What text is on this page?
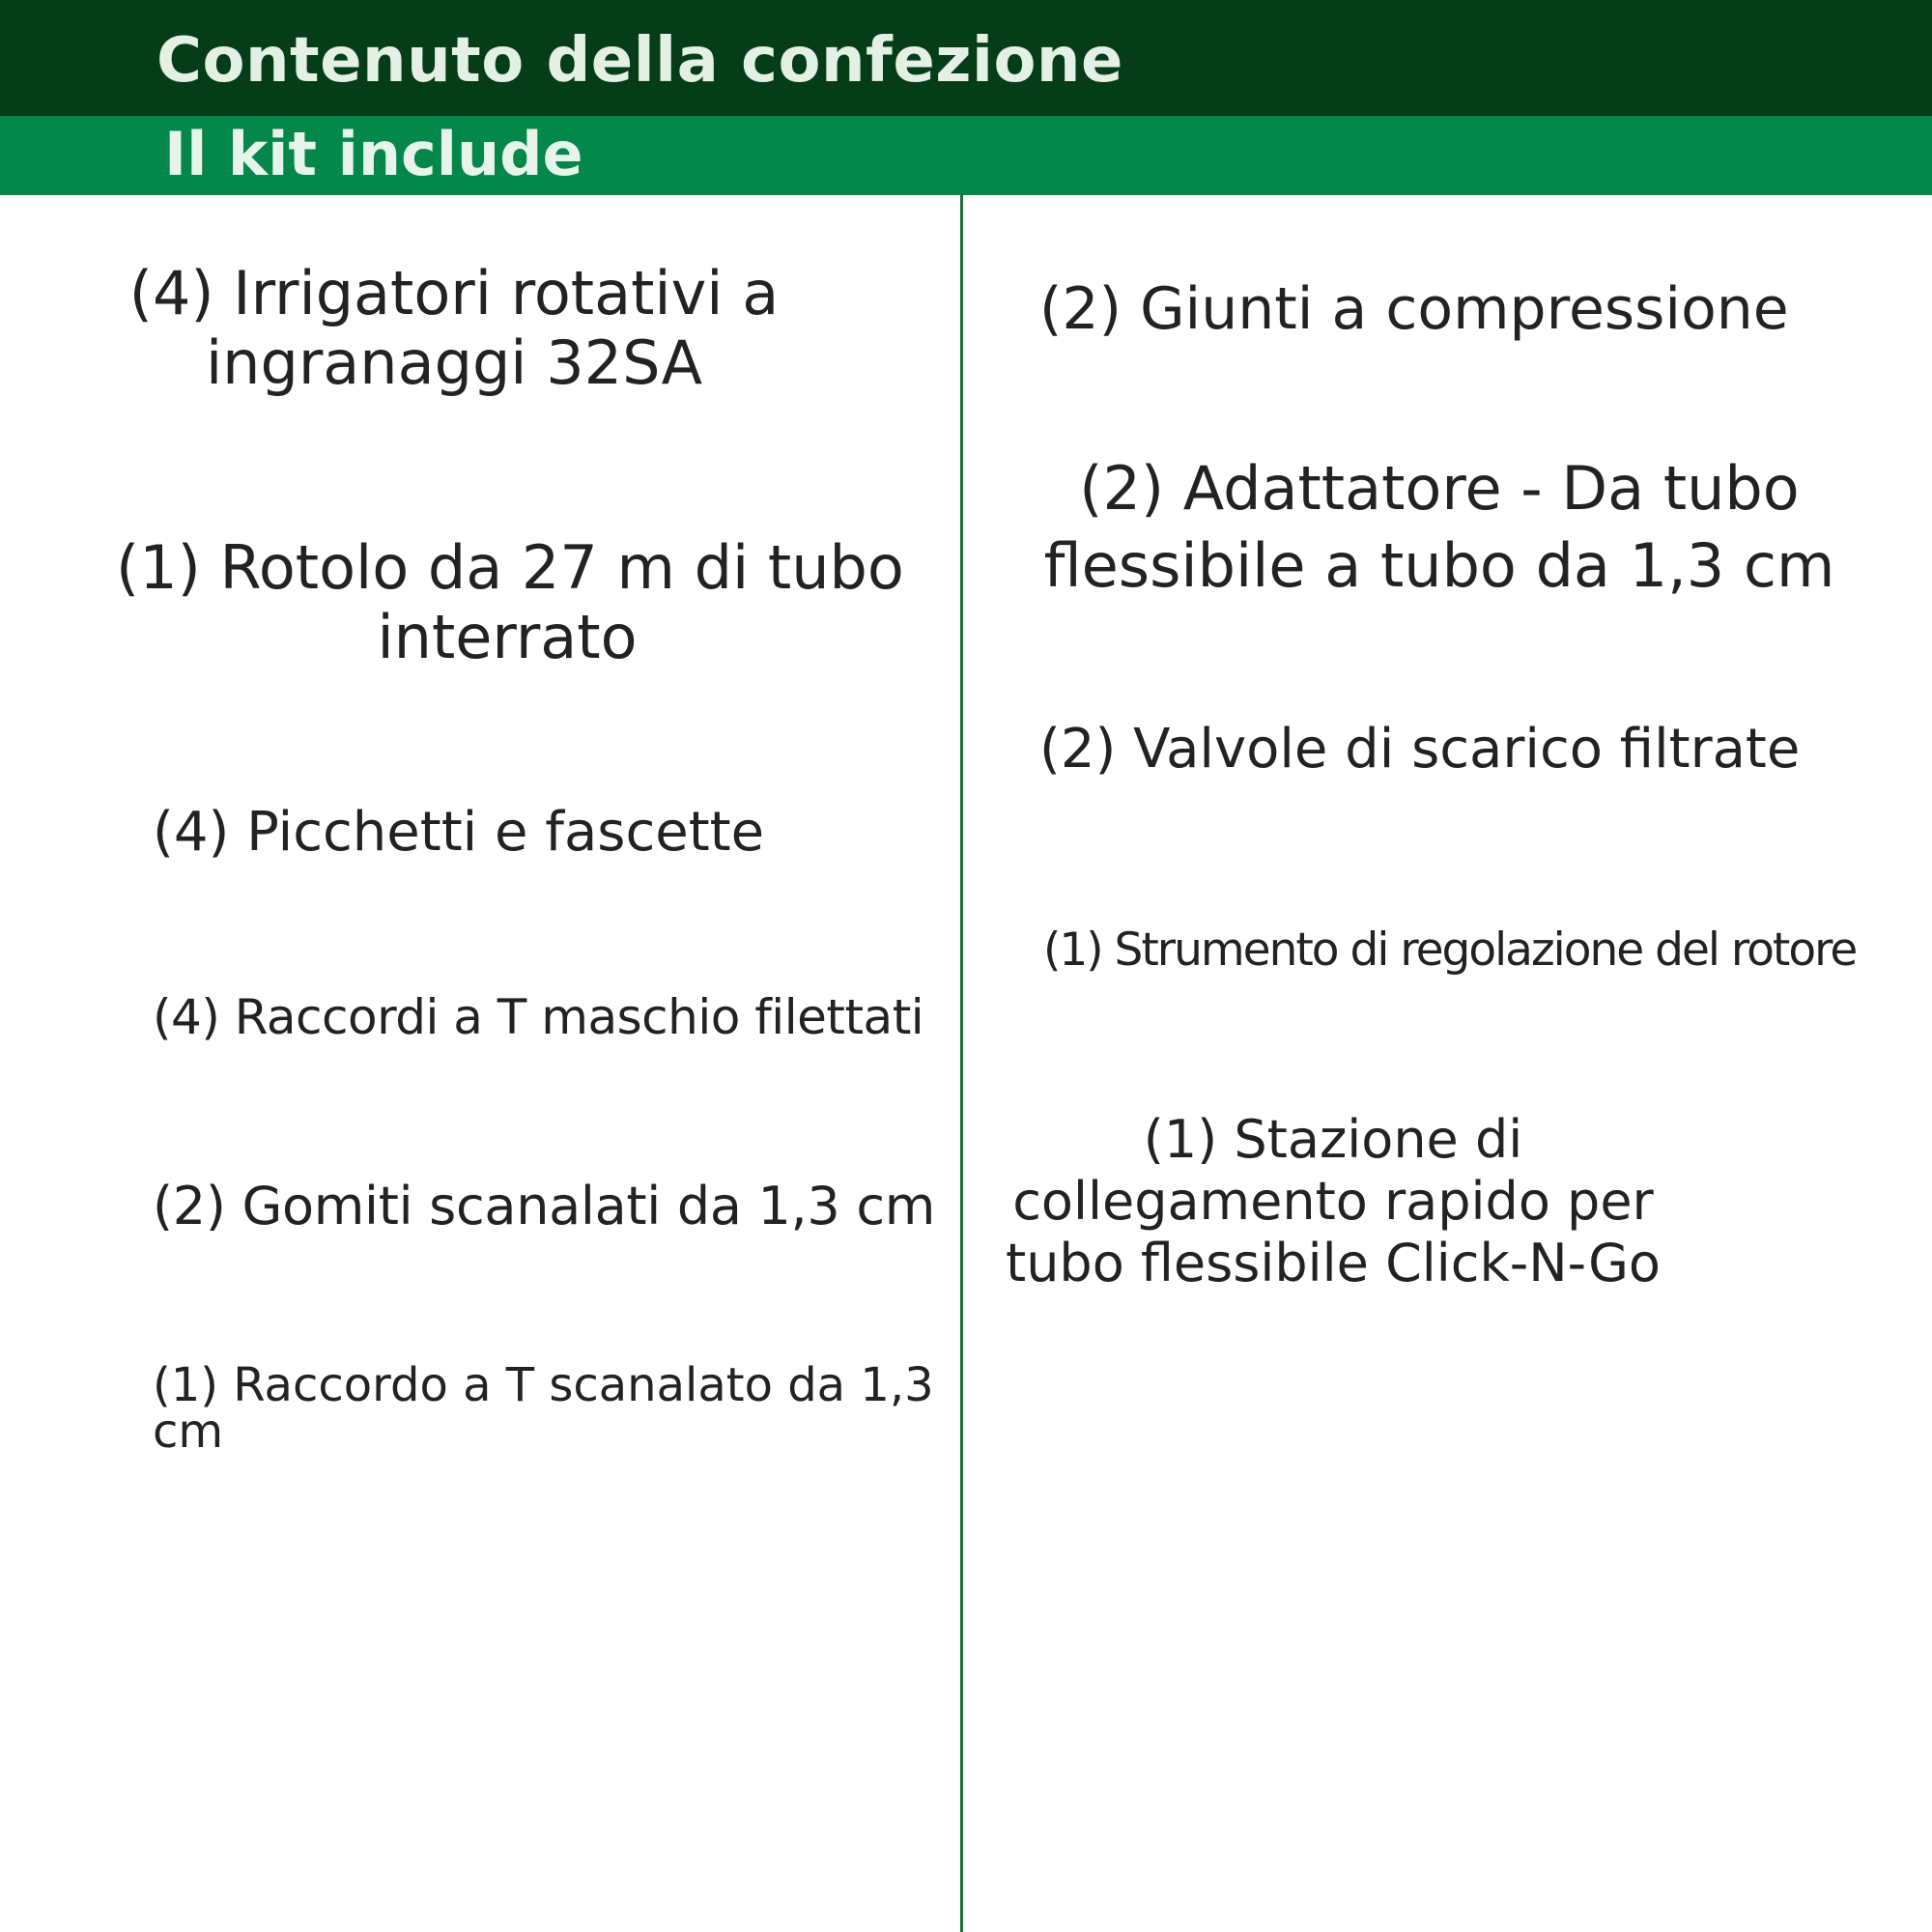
Contenuto della confezione
Il kit include
(4) Irrigatori rotativi a
ingranaggi 32SA
(1) Rotolo da 27 m di tubo
interrato
(4) Picchetti e fascette
(4) Raccordi a T maschio filettati
(2) Gomiti scanalati da 1,3 cm
(1) Raccordo a T scanalato da 1,3
cm
(2) Giunti a compressione
(2) Adattatore - Da tubo
flessibile a tubo da 1,3 cm
(2) Valvole di scarico filtrate
(1) Strumento di regolazione del rotore
(1) Stazione di
collegamento rapido per
tubo flessibile Click-N-Go
